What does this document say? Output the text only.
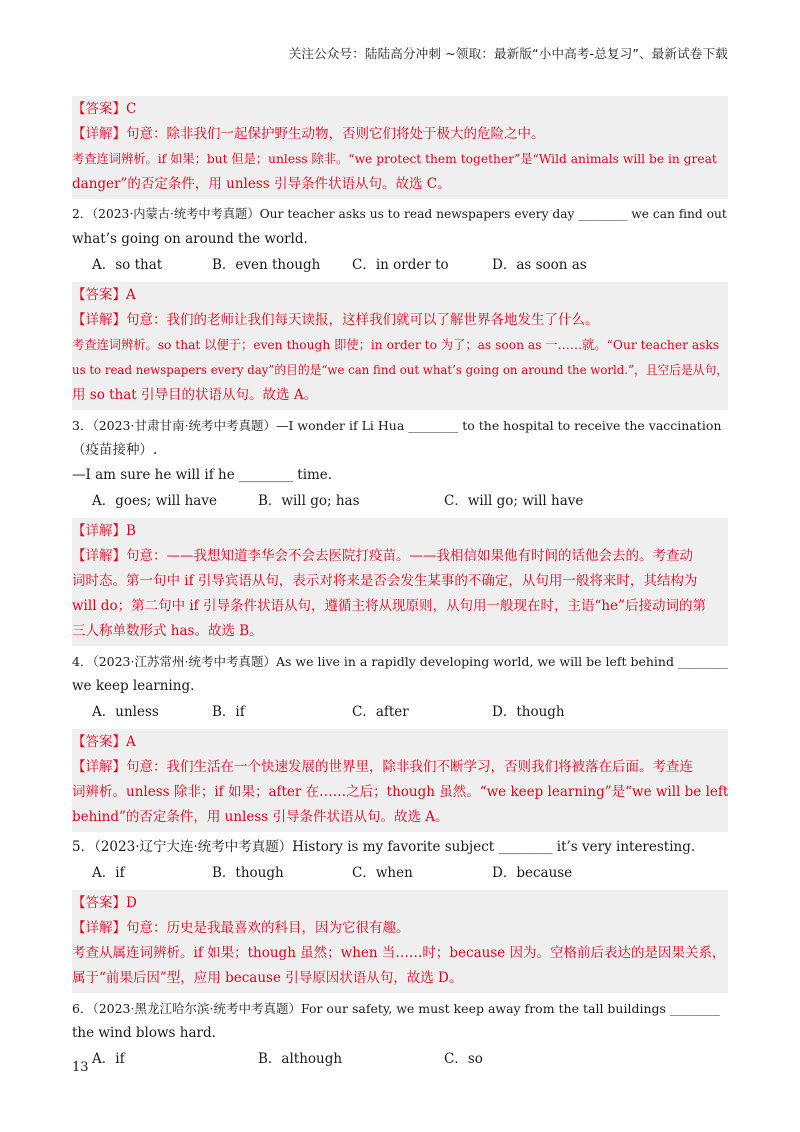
关注公众号：陆陆高分冲刺 ~领取：最新版“小中高考-总复习”、最新试卷下载
【答案】C
【详解】句意：除非我们一起保护野生动物，否则它们将处于极大的危险之中。
考查连词辨析。if 如果；but 但是；unless 除非。“we protect them together”是“Wild animals will be in great
danger”的否定条件，用 unless 引导条件状语从句。故选 C。
2．（2023·内蒙古·统考中考真题）Our teacher asks us to read newspapers every day ________ we can find out
what’s going on around the world.
A．so that	B．even though C．in order to	D．as soon as
【答案】A
【详解】句意：我们的老师让我们每天读报，这样我们就可以了解世界各地发生了什么。
考查连词辨析。so that 以便于；even though 即使；in order to 为了；as soon as 一……就。“Our teacher asks
us to read newspapers every day”的目的是“we can find out what’s going on around the world.”，且空后是从句，
用 so that 引导目的状语从句。故选 A。
3．（2023·甘肃甘南·统考中考真题）—I wonder if Li Hua ________ to the hospital to receive the vaccination
（疫苗接种）.
—I am sure he will if he ________ time.
A．goes; will have	B．will go; has	C．will go; will have
【详解】B
【详解】句意：——我想知道李华会不会去医院打疫苗。——我相信如果他有时间的话他会去的。考查动
词时态。第一句中 if 引导宾语从句，表示对将来是否会发生某事的不确定，从句用一般将来时，其结构为
will do；第二句中 if 引导条件状语从句，遵循主将从现原则，从句用一般现在时，主语“he”后接动词的第
三人称单数形式 has。故选 B。
4．（2023·江苏常州·统考中考真题）As we live in a rapidly developing world, we will be left behind ________
we keep learning.
A．unless	B．if	C．after	D．though
【答案】A
【详解】句意：我们生活在一个快速发展的世界里，除非我们不断学习，否则我们将被落在后面。考查连
词辨析。unless 除非；if 如果；after 在……之后；though 虽然。“we keep learning”是“we will be left
behind”的否定条件，用 unless 引导条件状语从句。故选 A。
5．（2023·辽宁大连·统考中考真题）History is my favorite subject ________ it’s very interesting.
A．if	B．though	C．when	D．because
【答案】D
【详解】句意：历史是我最喜欢的科目，因为它很有趣。
考查从属连词辨析。if 如果；though 虽然；when 当……时；because 因为。空格前后表达的是因果关系，
属于“前果后因”型，应用 because 引导原因状语从句，故选 D。
6．（2023·黑龙江哈尔滨·统考中考真题）For our safety, we must keep away from the tall buildings ________
the wind blows hard.
A．if	B．although	C．so
13
